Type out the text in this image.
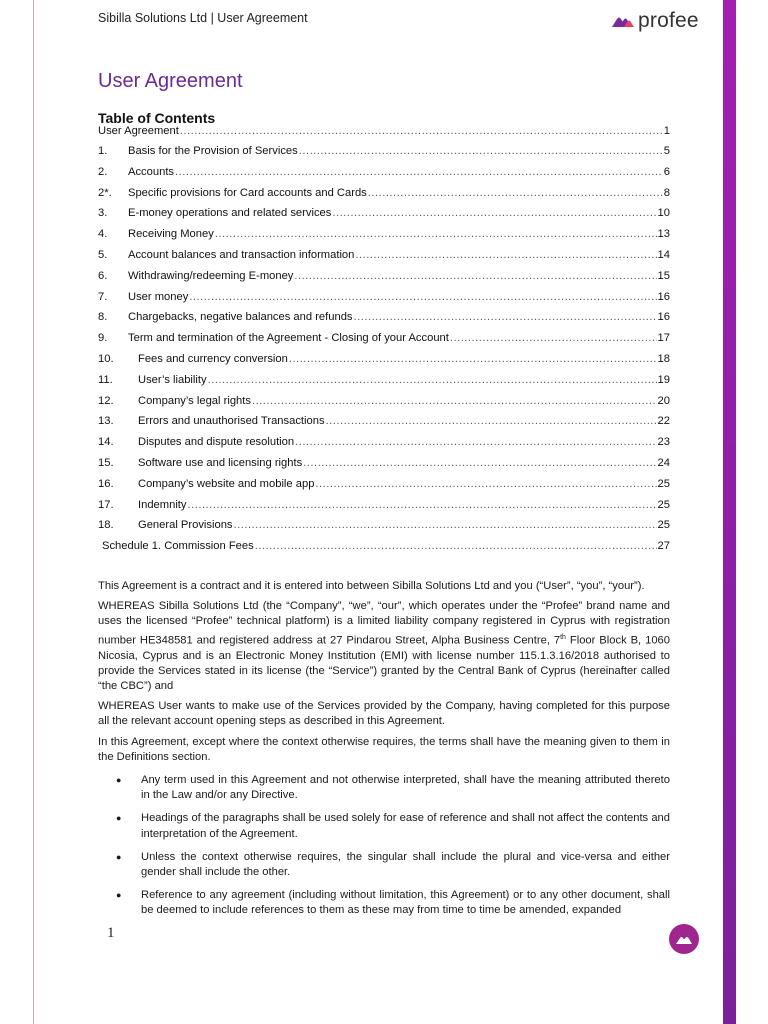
Sibilla Solutions Ltd | User Agreement	profee
User Agreement
Table of Contents
User Agreement .....	1
1.	Basis for the Provision of Services .....	5
2.	Accounts .....	6
2*.	Specific provisions for Card accounts and Cards .....	8
3.	E-money operations and related services .....	10
4.	Receiving Money .....	13
5.	Account balances and transaction information .....	14
6.	Withdrawing/redeeming E-money .....	15
7.	User money .....	16
8.	Chargebacks, negative balances and refunds .....	16
9.	Term and termination of the Agreement - Closing of your Account .....	17
10.	Fees and currency conversion .....	18
11.	User’s liability .....	19
12.	Company’s legal rights .....	20
13.	Errors and unauthorised Transactions .....	22
14.	Disputes and dispute resolution .....	23
15.	Software use and licensing rights .....	24
16.	Company’s website and mobile app .....	25
17.	Indemnity .....	25
18.	General Provisions .....	25
Schedule 1. Commission Fees .....	27

This Agreement is a contract and it is entered into between Sibilla Solutions Ltd and you (“User”, “you”, “your”).

WHEREAS Sibilla Solutions Ltd (the “Company”, “we”, “our”, which operates under the “Profee” brand name and uses the licensed “Profee” technical platform) is a limited liability company registered in Cyprus with registration number HE348581 and registered address at 27 Pindarou Street, Alpha Business Centre, 7th Floor Block B, 1060 Nicosia, Cyprus and is an Electronic Money Institution (EMI) with license number 115.1.3.16/2018 authorised to provide the Services stated in its license (the “Service”) granted by the Central Bank of Cyprus (hereinafter called “the CBC”) and

WHEREAS User wants to make use of the Services provided by the Company, having completed for this purpose all the relevant account opening steps as described in this Agreement.

In this Agreement, except where the context otherwise requires, the terms shall have the meaning given to them in the Definitions section.

● Any term used in this Agreement and not otherwise interpreted, shall have the meaning attributed thereto in the Law and/or any Directive.
● Headings of the paragraphs shall be used solely for ease of reference and shall not affect the contents and interpretation of the Agreement.
● Unless the context otherwise requires, the singular shall include the plural and vice-versa and either gender shall include the other.
● Reference to any agreement (including without limitation, this Agreement) or to any other document, shall be deemed to include references to them as these may from time to time be amended, expanded
1
